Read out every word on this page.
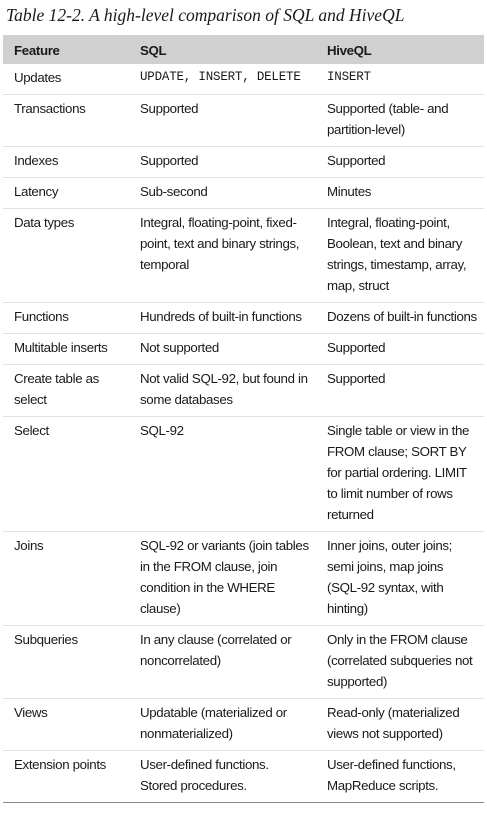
Table 12-2. A high-level comparison of SQL and HiveQL
Feature	SQL	HiveQL
Updates	UPDATE, INSERT, DELETE	INSERT
Transactions	Supported	Supported (table- and partition-level)
Indexes	Supported	Supported
Latency	Sub-second	Minutes
Data types	Integral, floating-point, fixed-point, text and binary strings, temporal	Integral, floating-point, Boolean, text and binary strings, timestamp, array, map, struct
Functions	Hundreds of built-in functions	Dozens of built-in functions
Multitable inserts	Not supported	Supported
Create table as select	Not valid SQL-92, but found in some databases	Supported
Select	SQL-92	Single table or view in the FROM clause; SORT BY for partial ordering. LIMIT to limit number of rows returned
Joins	SQL-92 or variants (join tables in the FROM clause, join condition in the WHERE clause)	Inner joins, outer joins; semi joins, map joins (SQL-92 syntax, with hinting)
Subqueries	In any clause (correlated or noncorrelated)	Only in the FROM clause (correlated subqueries not supported)
Views	Updatable (materialized or nonmaterialized)	Read-only (materialized views not supported)
Extension points	User-defined functions. Stored procedures.	User-defined functions, MapReduce scripts.
